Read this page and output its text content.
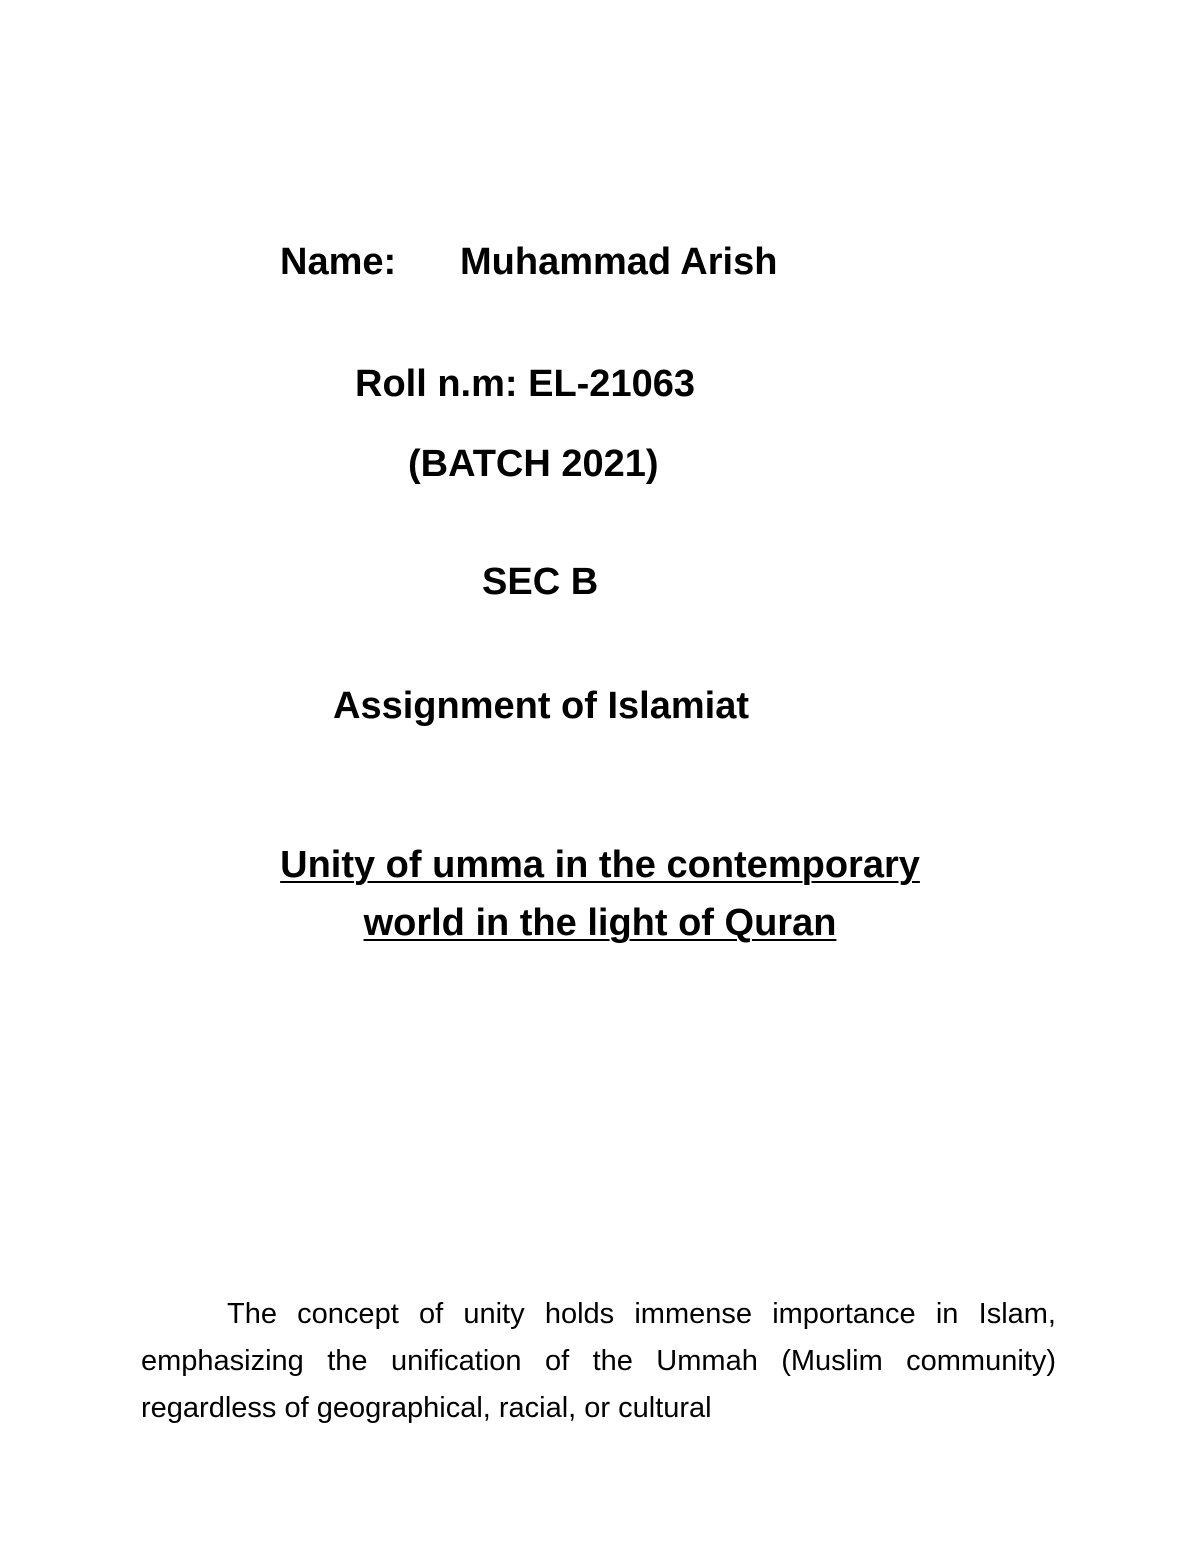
Name: Muhammad Arish
Roll n.m: EL-21063
(BATCH 2021)
SEC B
Assignment of Islamiat
Unity of umma in the contemporary
world in the light of Quran

The concept of unity holds immense importance in Islam, emphasizing the unification of the Ummah (Muslim community) regardless of geographical, racial, or cultural
